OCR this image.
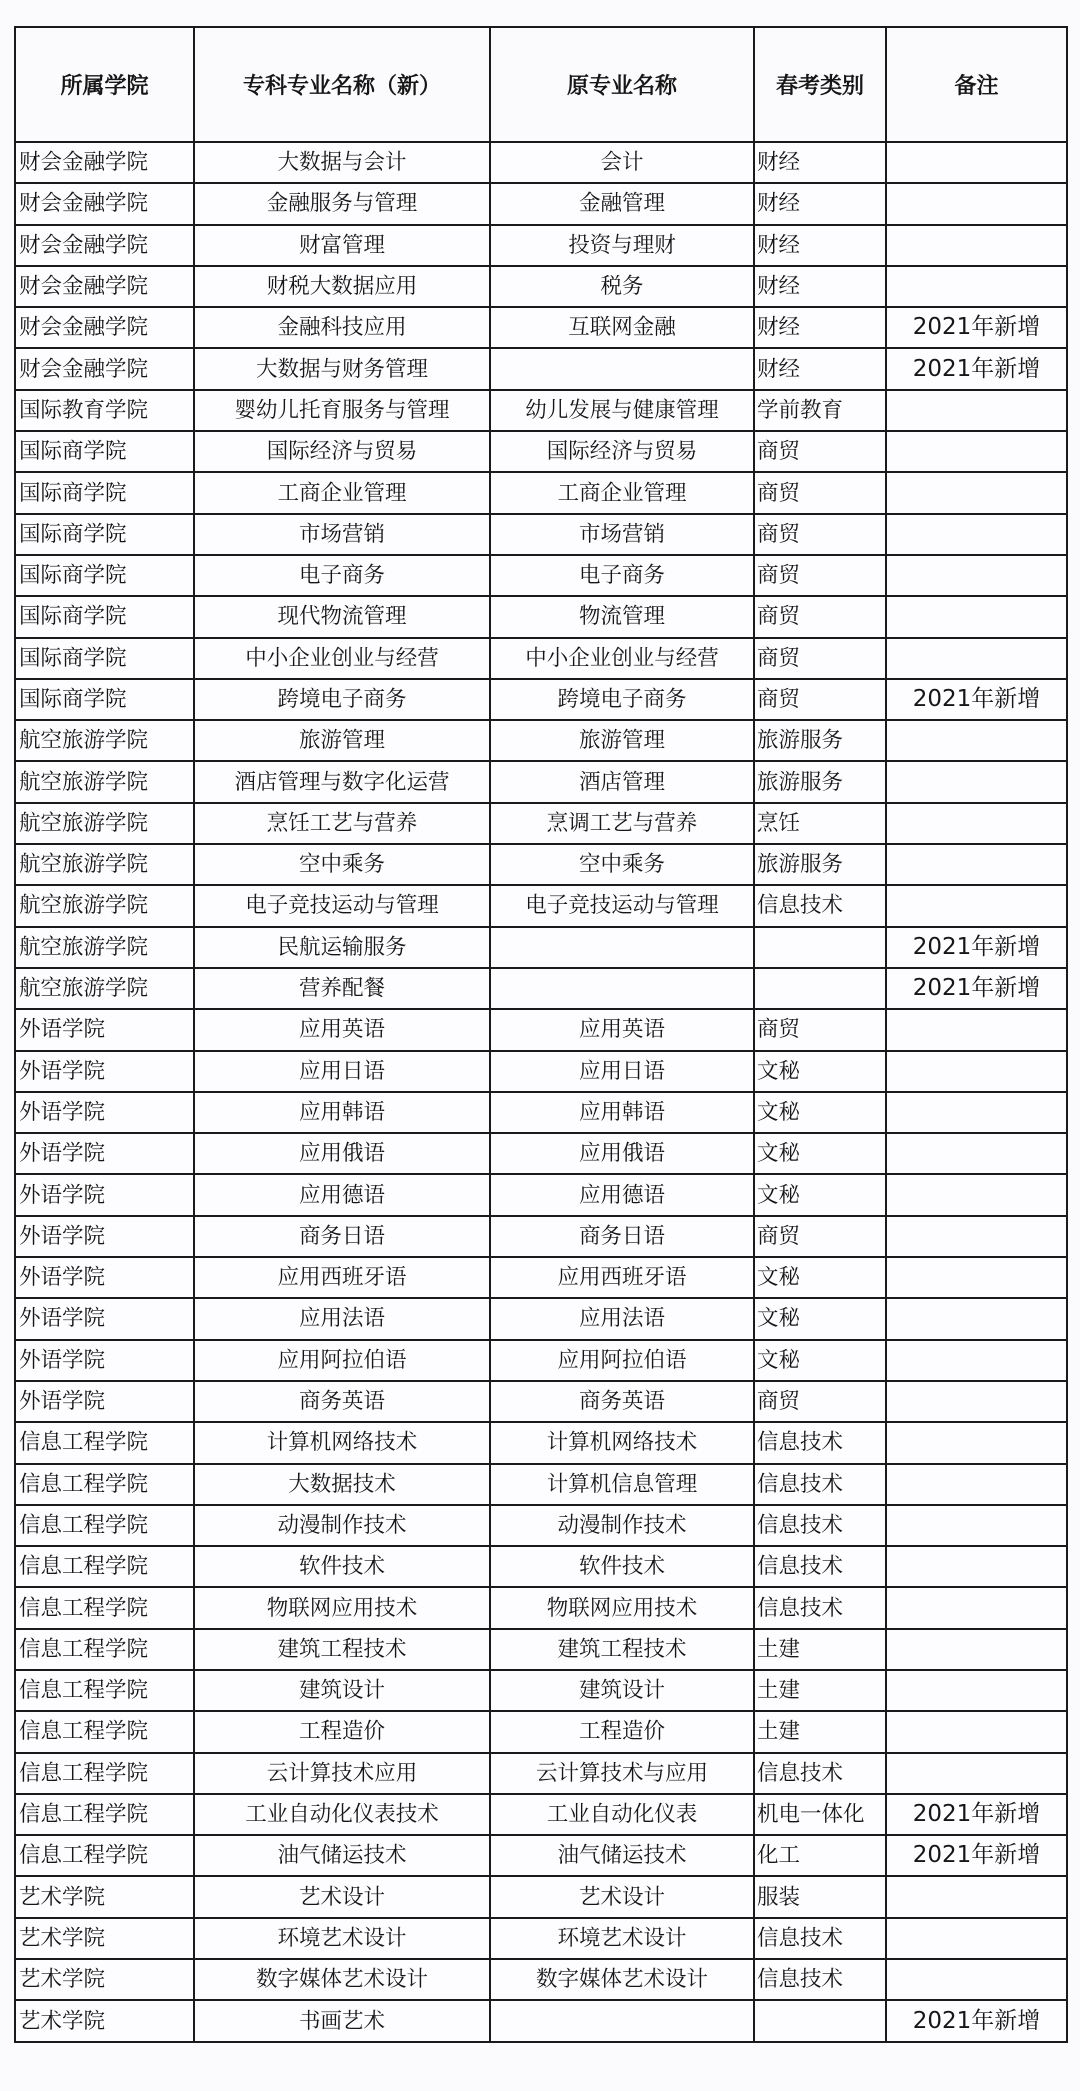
所属学院	专科专业名称（新）	原专业名称	春考类别	备注
财会金融学院	大数据与会计	会计	财经	
财会金融学院	金融服务与管理	金融管理	财经	
财会金融学院	财富管理	投资与理财	财经	
财会金融学院	财税大数据应用	税务	财经	
财会金融学院	金融科技应用	互联网金融	财经	2021年新增
财会金融学院	大数据与财务管理		财经	2021年新增
国际教育学院	婴幼儿托育服务与管理	幼儿发展与健康管理	学前教育	
国际商学院	国际经济与贸易	国际经济与贸易	商贸	
国际商学院	工商企业管理	工商企业管理	商贸	
国际商学院	市场营销	市场营销	商贸	
国际商学院	电子商务	电子商务	商贸	
国际商学院	现代物流管理	物流管理	商贸	
国际商学院	中小企业创业与经营	中小企业创业与经营	商贸	
国际商学院	跨境电子商务	跨境电子商务	商贸	2021年新增
航空旅游学院	旅游管理	旅游管理	旅游服务	
航空旅游学院	酒店管理与数字化运营	酒店管理	旅游服务	
航空旅游学院	烹饪工艺与营养	烹调工艺与营养	烹饪	
航空旅游学院	空中乘务	空中乘务	旅游服务	
航空旅游学院	电子竞技运动与管理	电子竞技运动与管理	信息技术	
航空旅游学院	民航运输服务			2021年新增
航空旅游学院	营养配餐			2021年新增
外语学院	应用英语	应用英语	商贸	
外语学院	应用日语	应用日语	文秘	
外语学院	应用韩语	应用韩语	文秘	
外语学院	应用俄语	应用俄语	文秘	
外语学院	应用德语	应用德语	文秘	
外语学院	商务日语	商务日语	商贸	
外语学院	应用西班牙语	应用西班牙语	文秘	
外语学院	应用法语	应用法语	文秘	
外语学院	应用阿拉伯语	应用阿拉伯语	文秘	
外语学院	商务英语	商务英语	商贸	
信息工程学院	计算机网络技术	计算机网络技术	信息技术	
信息工程学院	大数据技术	计算机信息管理	信息技术	
信息工程学院	动漫制作技术	动漫制作技术	信息技术	
信息工程学院	软件技术	软件技术	信息技术	
信息工程学院	物联网应用技术	物联网应用技术	信息技术	
信息工程学院	建筑工程技术	建筑工程技术	土建	
信息工程学院	建筑设计	建筑设计	土建	
信息工程学院	工程造价	工程造价	土建	
信息工程学院	云计算技术应用	云计算技术与应用	信息技术	
信息工程学院	工业自动化仪表技术	工业自动化仪表	机电一体化	2021年新增
信息工程学院	油气储运技术	油气储运技术	化工	2021年新增
艺术学院	艺术设计	艺术设计	服装	
艺术学院	环境艺术设计	环境艺术设计	信息技术	
艺术学院	数字媒体艺术设计	数字媒体艺术设计	信息技术	
艺术学院	书画艺术			2021年新增
